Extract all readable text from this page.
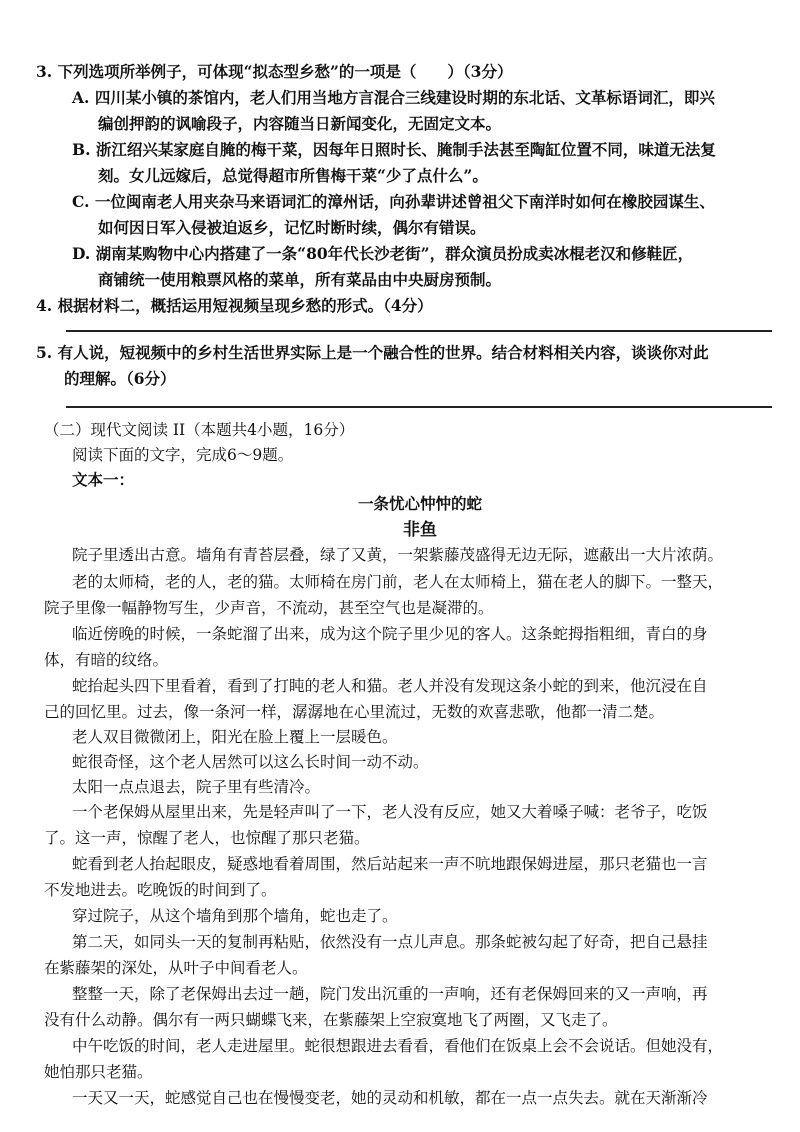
3. 下列选项所举例子，可体现“拟态型乡愁”的一项是（　　）（3分）
A. 四川某小镇的茶馆内，老人们用当地方言混合三线建设时期的东北话、文革标语词汇，即兴
编创押韵的讽喻段子，内容随当日新闻变化，无固定文本。
B. 浙江绍兴某家庭自腌的梅干菜，因每年日照时长、腌制手法甚至陶缸位置不同，味道无法复
刻。女儿远嫁后，总觉得超市所售梅干菜“少了点什么”。
C. 一位闽南老人用夹杂马来语词汇的漳州话，向孙辈讲述曾祖父下南洋时如何在橡胶园谋生、
如何因日军入侵被迫返乡，记忆时断时续，偶尔有错误。
D. 湖南某购物中心内搭建了一条“80年代长沙老街”，群众演员扮成卖冰棍老汉和修鞋匠，
商铺统一使用粮票风格的菜单，所有菜品由中央厨房预制。
4. 根据材料二，概括运用短视频呈现乡愁的形式。（4分）
5. 有人说，短视频中的乡村生活世界实际上是一个融合性的世界。结合材料相关内容，谈谈你对此
的理解。（6分）
（二）现代文阅读 II（本题共4小题，16分）
阅读下面的文字，完成6～9题。
文本一：
一条忧心忡忡的蛇
非鱼
院子里透出古意。墙角有青苔层叠，绿了又黄，一架紫藤茂盛得无边无际，遮蔽出一大片浓荫。
老的太师椅，老的人，老的猫。太师椅在房门前，老人在太师椅上，猫在老人的脚下。一整天，
院子里像一幅静物写生，少声音，不流动，甚至空气也是凝滞的。
临近傍晚的时候，一条蛇溜了出来，成为这个院子里少见的客人。这条蛇拇指粗细，青白的身
体，有暗的纹络。
蛇抬起头四下里看着，看到了打盹的老人和猫。老人并没有发现这条小蛇的到来，他沉浸在自
己的回忆里。过去，像一条河一样，潺潺地在心里流过，无数的欢喜悲歌，他都一清二楚。
老人双目微微闭上，阳光在脸上覆上一层暖色。
蛇很奇怪，这个老人居然可以这么长时间一动不动。
太阳一点点退去，院子里有些清冷。
一个老保姆从屋里出来，先是轻声叫了一下，老人没有反应，她又大着嗓子喊：老爷子，吃饭
了。这一声，惊醒了老人，也惊醒了那只老猫。
蛇看到老人抬起眼皮，疑惑地看着周围，然后站起来一声不吭地跟保姆进屋，那只老猫也一言
不发地进去。吃晚饭的时间到了。
穿过院子，从这个墙角到那个墙角，蛇也走了。
第二天，如同头一天的复制再粘贴，依然没有一点儿声息。那条蛇被勾起了好奇，把自己悬挂
在紫藤架的深处，从叶子中间看老人。
整整一天，除了老保姆出去过一趟，院门发出沉重的一声响，还有老保姆回来的又一声响，再
没有什么动静。偶尔有一两只蝴蝶飞来，在紫藤架上空寂寞地飞了两圈，又飞走了。
中午吃饭的时间，老人走进屋里。蛇很想跟进去看看，看他们在饭桌上会不会说话。但她没有，
她怕那只老猫。
一天又一天，蛇感觉自己也在慢慢变老，她的灵动和机敏，都在一点一点失去。就在天渐渐冷
